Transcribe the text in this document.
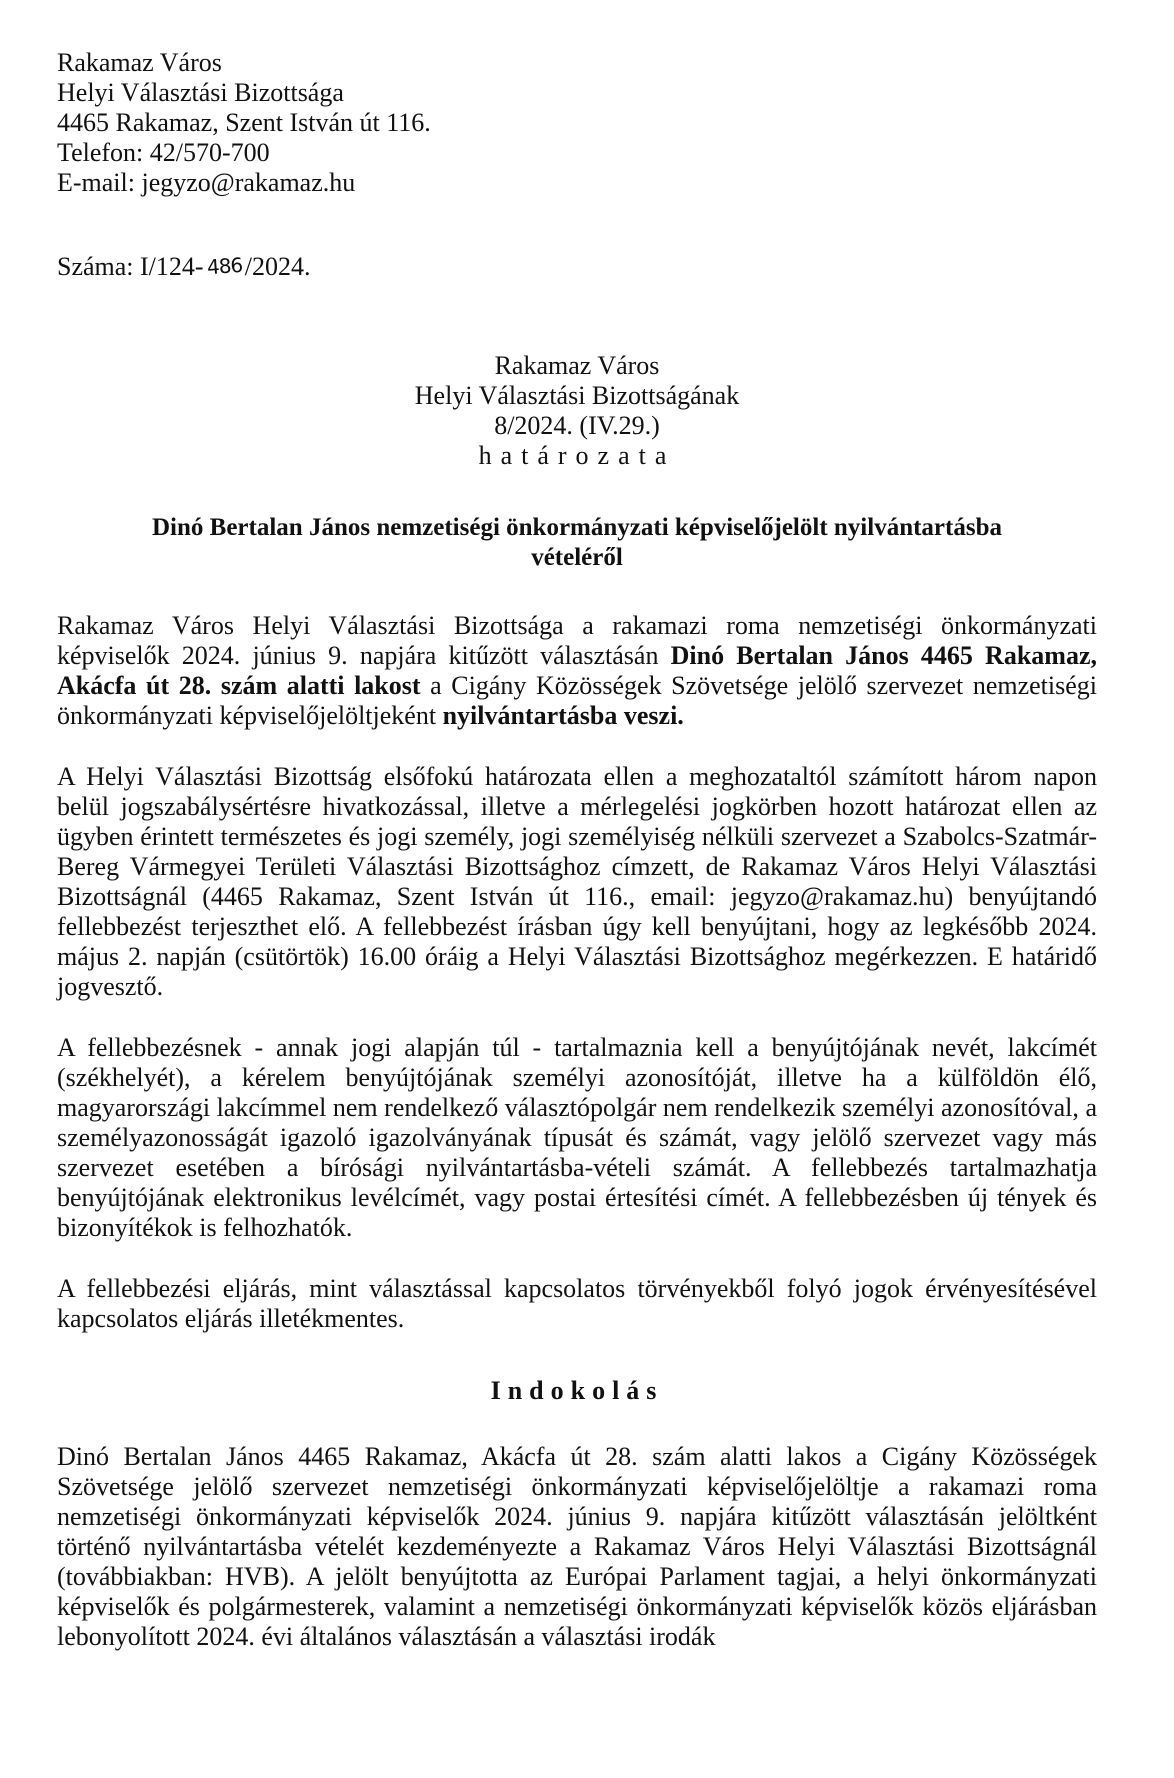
Rakamaz Város
Helyi Választási Bizottsága
4465 Rakamaz, Szent István út 116.
Telefon: 42/570-700
E-mail: jegyzo@rakamaz.hu
Száma: I/124- 486 /2024.
Rakamaz Város
Helyi Választási Bizottságának
8/2024. (IV.29.)
határozata
Dinó Bertalan János nemzetiségi önkormányzati képviselőjelölt nyilvántartásba
vételéről

Rakamaz Város Helyi Választási Bizottsága a rakamazi roma nemzetiségi önkormányzati képviselők 2024. június 9. napjára kitűzött választásán Dinó Bertalan János 4465 Rakamaz, Akácfa út 28. szám alatti lakost a Cigány Közösségek Szövetsége jelölő szervezet nemzetiségi önkormányzati képviselőjelöltjeként nyilvántartásba veszi.

A Helyi Választási Bizottság elsőfokú határozata ellen a meghozataltól számított három napon belül jogszabálysértésre hivatkozással, illetve a mérlegelési jogkörben hozott határozat ellen az ügyben érintett természetes és jogi személy, jogi személyiség nélküli szervezet a Szabolcs-Szatmár-Bereg Vármegyei Területi Választási Bizottsághoz címzett, de Rakamaz Város Helyi Választási Bizottságnál (4465 Rakamaz, Szent István út 116., email: jegyzo@rakamaz.hu) benyújtandó fellebbezést terjeszthet elő. A fellebbezést írásban úgy kell benyújtani, hogy az legkésőbb 2024. május 2. napján (csütörtök) 16.00 óráig a Helyi Választási Bizottsághoz megérkezzen. E határidő jogvesztő.

A fellebbezésnek - annak jogi alapján túl - tartalmaznia kell a benyújtójának nevét, lakcímét (székhelyét), a kérelem benyújtójának személyi azonosítóját, illetve ha a külföldön élő, magyarországi lakcímmel nem rendelkező választópolgár nem rendelkezik személyi azonosítóval, a személyazonosságát igazoló igazolványának típusát és számát, vagy jelölő szervezet vagy más szervezet esetében a bírósági nyilvántartásba-vételi számát. A fellebbezés tartalmazhatja benyújtójának elektronikus levélcímét, vagy postai értesítési címét. A fellebbezésben új tények és bizonyítékok is felhozhatók.

A fellebbezési eljárás, mint választással kapcsolatos törvényekből folyó jogok érvényesítésével kapcsolatos eljárás illetékmentes.

Indokolás

Dinó Bertalan János 4465 Rakamaz, Akácfa út 28. szám alatti lakos a Cigány Közösségek Szövetsége jelölő szervezet nemzetiségi önkormányzati képviselőjelöltje a rakamazi roma nemzetiségi önkormányzati képviselők 2024. június 9. napjára kitűzött választásán jelöltként történő nyilvántartásba vételét kezdeményezte a Rakamaz Város Helyi Választási Bizottságnál (továbbiakban: HVB). A jelölt benyújtotta az Európai Parlament tagjai, a helyi önkormányzati képviselők és polgármesterek, valamint a nemzetiségi önkormányzati képviselők közös eljárásban lebonyolított 2024. évi általános választásán a választási irodák
